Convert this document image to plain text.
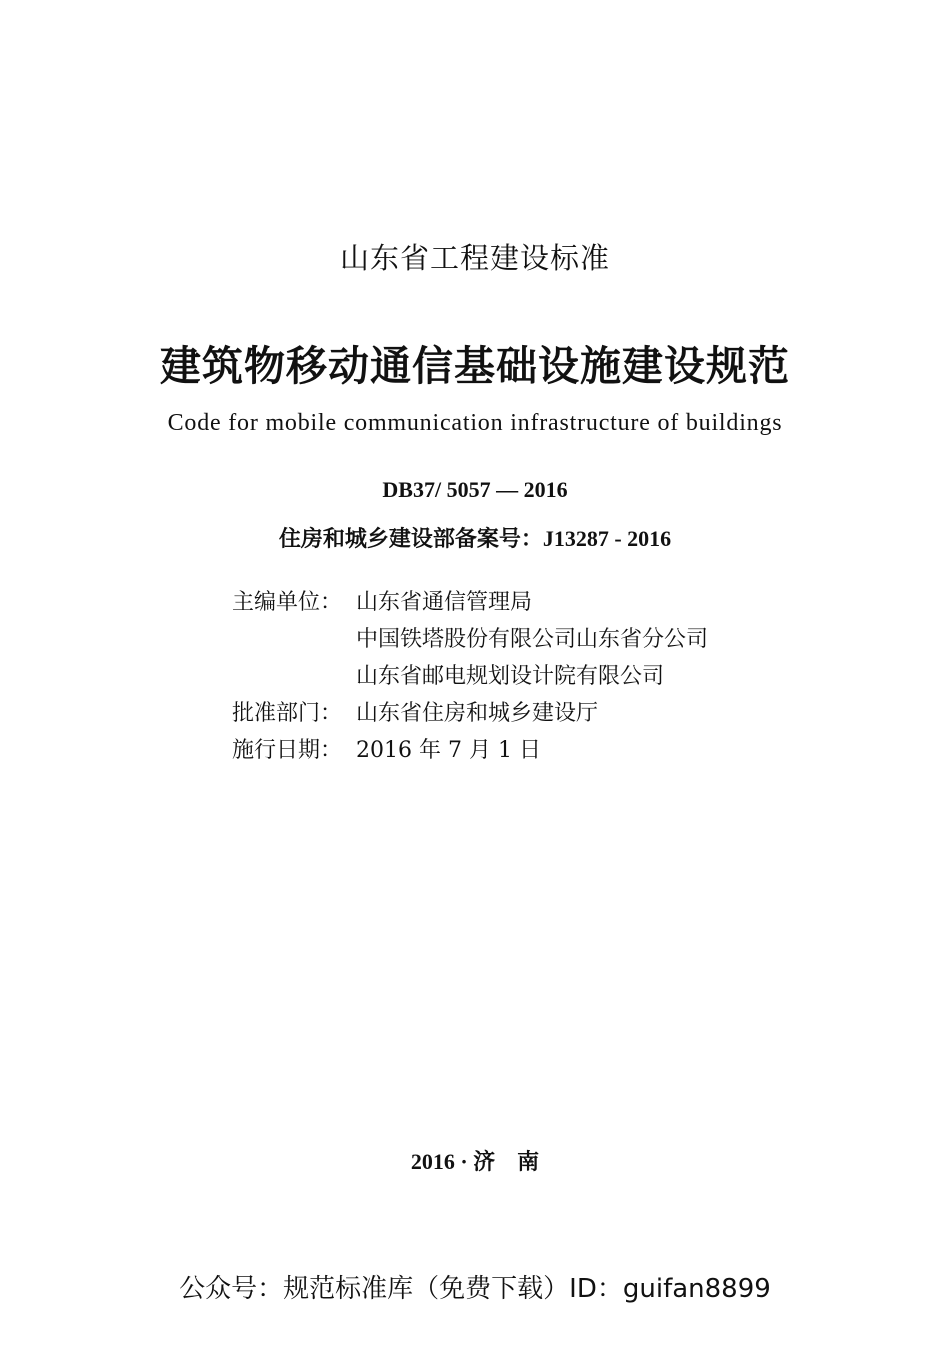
山东省工程建设标准
建筑物移动通信基础设施建设规范
Code for mobile communication infrastructure of buildings
DB37/ 5057 — 2016
住房和城乡建设部备案号：J13287 - 2016
主编单位： 山东省通信管理局
中国铁塔股份有限公司山东省分公司
山东省邮电规划设计院有限公司
批准部门： 山东省住房和城乡建设厅
施行日期： 2016 年 7 月 1 日
2016 · 济　南
公众号：规范标准库（免费下载）ID：guifan8899
